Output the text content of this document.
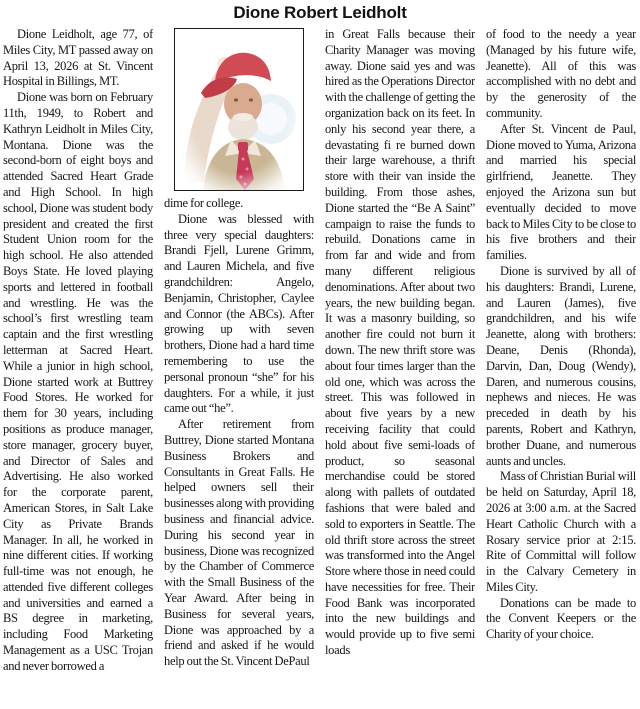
Dione Robert Leidholt

Dione Leidholt, age 77, of Miles City, MT passed away on April 13, 2026 at St. Vincent Hospital in Billings, MT.

Dione was born on February 11th, 1949, to Robert and Kathryn Leidholt in Miles City, Montana. Dione was the second-born of eight boys and attended Sacred Heart Grade and High School. In high school, Dione was student body president and created the first Student Union room for the high school. He also attended Boys State. He loved playing sports and lettered in football and wrestling. He was the school’s first wrestling team captain and the first wrestling letterman at Sacred Heart. While a junior in high school, Dione started work at Buttrey Food Stores. He worked for them for 30 years, including positions as produce manager, store manager, grocery buyer, and Director of Sales and Advertising. He also worked for the corporate parent, American Stores, in Salt Lake City as Private Brands Manager. In all, he worked in nine different cities. If working full-time was not enough, he attended five different colleges and universities and earned a BS degree in marketing, including Food Marketing Management as a USC Trojan and never borrowed a

dime for college.

Dione was blessed with three very special daughters: Brandi Fjell, Lurene Grimm, and Lauren Michela, and five grandchildren: Angelo, Benjamin, Christopher, Caylee and Connor (the ABCs). After growing up with seven brothers, Dione had a hard time remembering to use the personal pronoun “she” for his daughters. For a while, it just came out “he”.

After retirement from Buttrey, Dione started Montana Business Brokers and Consultants in Great Falls. He helped owners sell their businesses along with providing business and financial advice. During his second year in business, Dione was recognized by the Chamber of Commerce with the Small Business of the Year Award. After being in Business for several years, Dione was approached by a friend and asked if he would help out the St. Vincent DePaul

in Great Falls because their Charity Manager was moving away. Dione said yes and was hired as the Operations Director with the challenge of getting the organization back on its feet. In only his second year there, a devastating fi re burned down their large warehouse, a thrift store with their van inside the building. From those ashes, Dione started the “Be A Saint” campaign to raise the funds to rebuild. Donations came in from far and wide and from many different religious denominations. After about two years, the new building began. It was a masonry building, so another fire could not burn it down. The new thrift store was about four times larger than the old one, which was across the street. This was followed in about five years by a new receiving facility that could hold about five semi-loads of product, so seasonal merchandise could be stored along with pallets of outdated fashions that were baled and sold to exporters in Seattle. The old thrift store across the street was transformed into the Angel Store where those in need could have necessities for free. Their Food Bank was incorporated into the new buildings and would provide up to five semi loads

of food to the needy a year (Managed by his future wife, Jeanette). All of this was accomplished with no debt and by the generosity of the community.

After St. Vincent de Paul, Dione moved to Yuma, Arizona and married his special girlfriend, Jeanette. They enjoyed the Arizona sun but eventually decided to move back to Miles City to be close to his five brothers and their families.

Dione is survived by all of his daughters: Brandi, Lurene, and Lauren (James), five grandchildren, and his wife Jeanette, along with brothers: Deane, Denis (Rhonda), Darvin, Dan, Doug (Wendy), Daren, and numerous cousins, nephews and nieces. He was preceded in death by his parents, Robert and Kathryn, brother Duane, and numerous aunts and uncles.

Mass of Christian Burial will be held on Saturday, April 18, 2026 at 3:00 a.m. at the Sacred Heart Catholic Church with a Rosary service prior at 2:15. Rite of Committal will follow in the Calvary Cemetery in Miles City.

Donations can be made to the Convent Keepers or the Charity of your choice.
